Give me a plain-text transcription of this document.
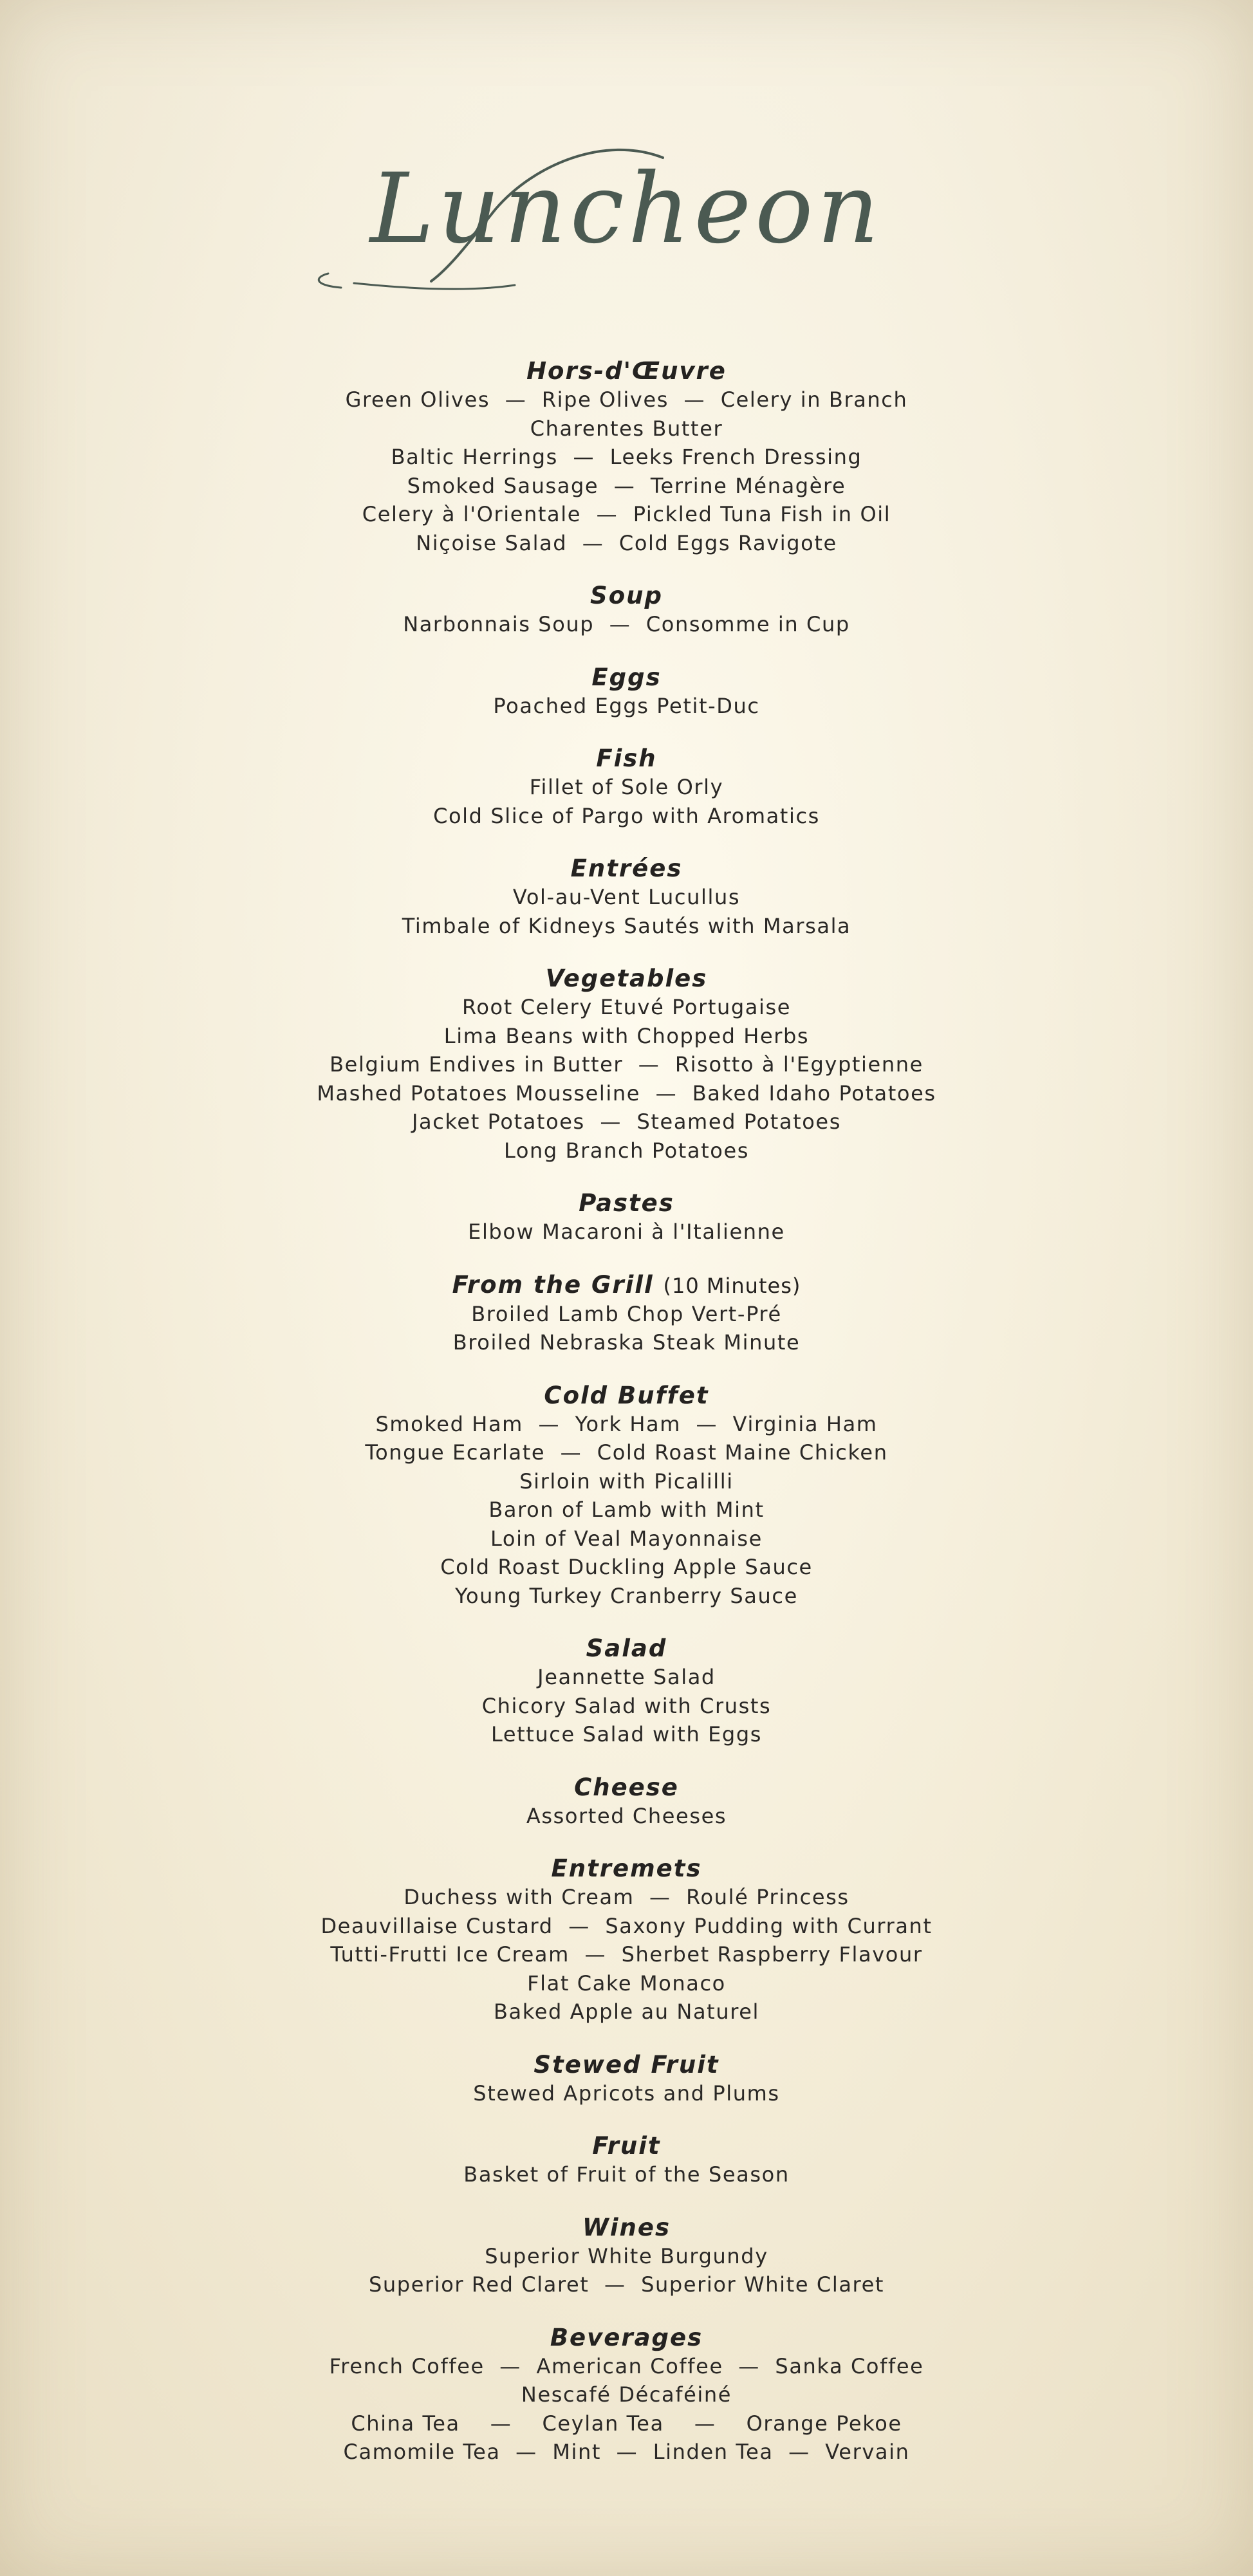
Luncheon
Hors-d'Œuvre
Green Olives  —  Ripe Olives  —  Celery in Branch
Charentes Butter
Baltic Herrings  —  Leeks French Dressing
Smoked Sausage  —  Terrine Ménagère
Celery à l'Orientale  —  Pickled Tuna Fish in Oil
Niçoise Salad  —  Cold Eggs Ravigote
Soup
Narbonnais Soup  —  Consomme in Cup
Eggs
Poached Eggs Petit-Duc
Fish
Fillet of Sole Orly
Cold Slice of Pargo with Aromatics
Entrées
Vol-au-Vent Lucullus
Timbale of Kidneys Sautés with Marsala
Vegetables
Root Celery Etuvé Portugaise
Lima Beans with Chopped Herbs
Belgium Endives in Butter  —  Risotto à l'Egyptienne
Mashed Potatoes Mousseline  —  Baked Idaho Potatoes
Jacket Potatoes  —  Steamed Potatoes
Long Branch Potatoes
Pastes
Elbow Macaroni à l'Italienne
From the Grill (10 Minutes)
Broiled Lamb Chop Vert-Pré
Broiled Nebraska Steak Minute
Cold Buffet
Smoked Ham  —  York Ham  —  Virginia Ham
Tongue Ecarlate  —  Cold Roast Maine Chicken
Sirloin with Picalilli
Baron of Lamb with Mint
Loin of Veal Mayonnaise
Cold Roast Duckling Apple Sauce
Young Turkey Cranberry Sauce
Salad
Jeannette Salad
Chicory Salad with Crusts
Lettuce Salad with Eggs
Cheese
Assorted Cheeses
Entremets
Duchess with Cream  —  Roulé Princess
Deauvillaise Custard  —  Saxony Pudding with Currant
Tutti-Frutti Ice Cream  —  Sherbet Raspberry Flavour
Flat Cake Monaco
Baked Apple au Naturel
Stewed Fruit
Stewed Apricots and Plums
Fruit
Basket of Fruit of the Season
Wines
Superior White Burgundy
Superior Red Claret  —  Superior White Claret
Beverages
French Coffee  —  American Coffee  —  Sanka Coffee
Nescafé Décaféiné
China Tea    —    Ceylan Tea    —    Orange Pekoe
Camomile Tea  —  Mint  —  Linden Tea  —  Vervain
